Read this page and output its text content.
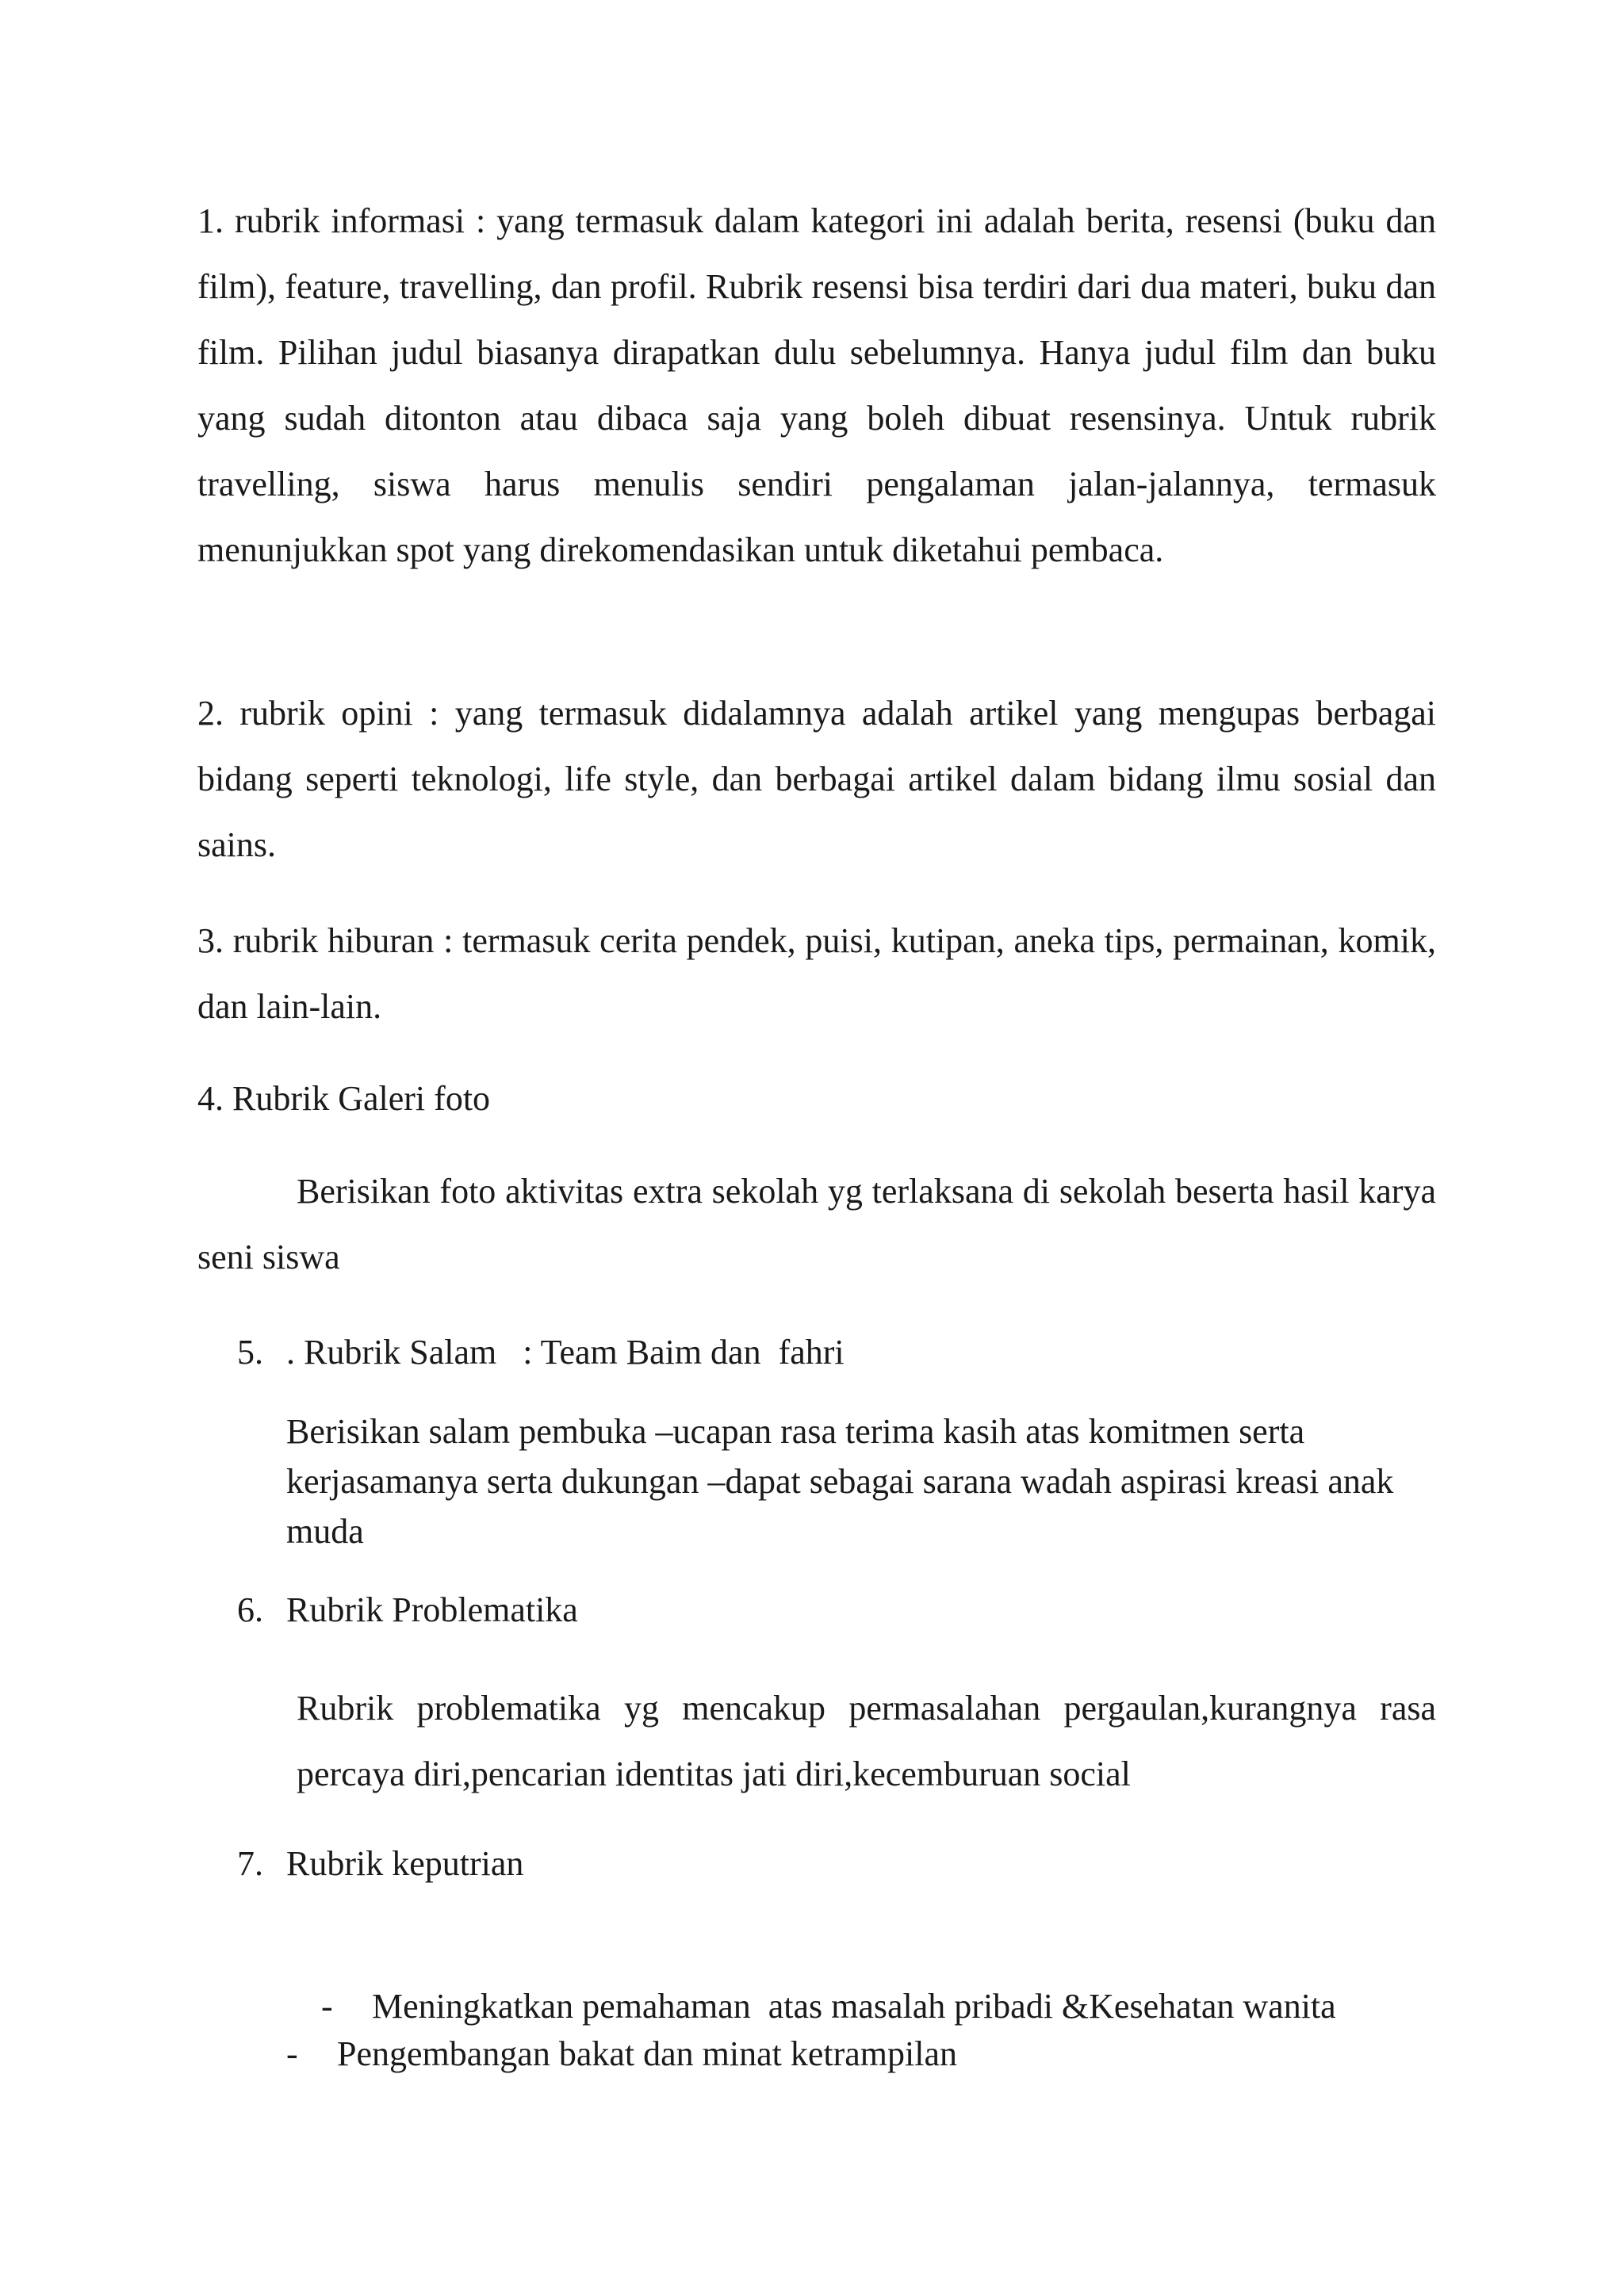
1. rubrik informasi : yang termasuk dalam kategori ini adalah berita, resensi (buku dan film), feature, travelling, dan profil. Rubrik resensi bisa terdiri dari dua materi, buku dan film. Pilihan judul biasanya dirapatkan dulu sebelumnya. Hanya judul film dan buku yang sudah ditonton atau dibaca saja yang boleh dibuat resensinya. Untuk rubrik travelling, siswa harus menulis sendiri pengalaman jalan-jalannya, termasuk menunjukkan spot yang direkomendasikan untuk diketahui pembaca.

2. rubrik opini : yang termasuk didalamnya adalah artikel yang mengupas berbagai bidang seperti teknologi, life style, dan berbagai artikel dalam bidang ilmu sosial dan sains.

3. rubrik hiburan : termasuk cerita pendek, puisi, kutipan, aneka tips, permainan, komik, dan lain-lain.

4. Rubrik Galeri foto

Berisikan foto aktivitas extra sekolah yg terlaksana di sekolah beserta hasil karya seni siswa

5. . Rubrik Salam   : Team Baim dan  fahri

Berisikan salam pembuka –ucapan rasa terima kasih atas komitmen serta kerjasamanya serta dukungan –dapat sebagai sarana wadah aspirasi kreasi anak muda

6. Rubrik Problematika

Rubrik problematika yg mencakup permasalahan pergaulan,kurangnya rasa percaya diri,pencarian identitas jati diri,kecemburuan social

7. Rubrik keputrian

- Meningkatkan pemahaman  atas masalah pribadi &Kesehatan wanita

- Pengembangan bakat dan minat ketrampilan
